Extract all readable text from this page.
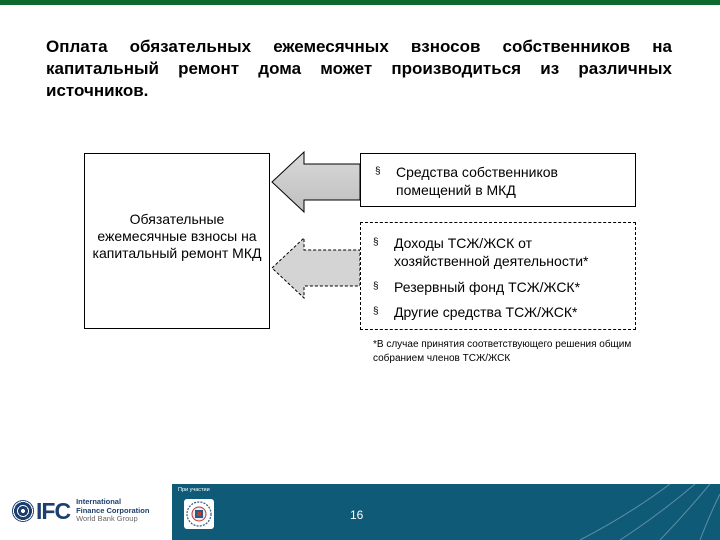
Оплата обязательных ежемесячных взносов собственников на капитальный ремонт дома может производиться из различных источников.
Обязательные ежемесячные взносы на капитальный ремонт МКД
§	Средства собственников помещений в МКД
§	Доходы ТСЖ/ЖСК от хозяйственной деятельности*
§	Резервный фонд ТСЖ/ЖСК*
§	Другие средства ТСЖ/ЖСК*
*В случае принятия соответствующего решения общим собранием членов ТСЖ/ЖСК
IFC International
Finance Corporation
World Bank Group
При участии
16
